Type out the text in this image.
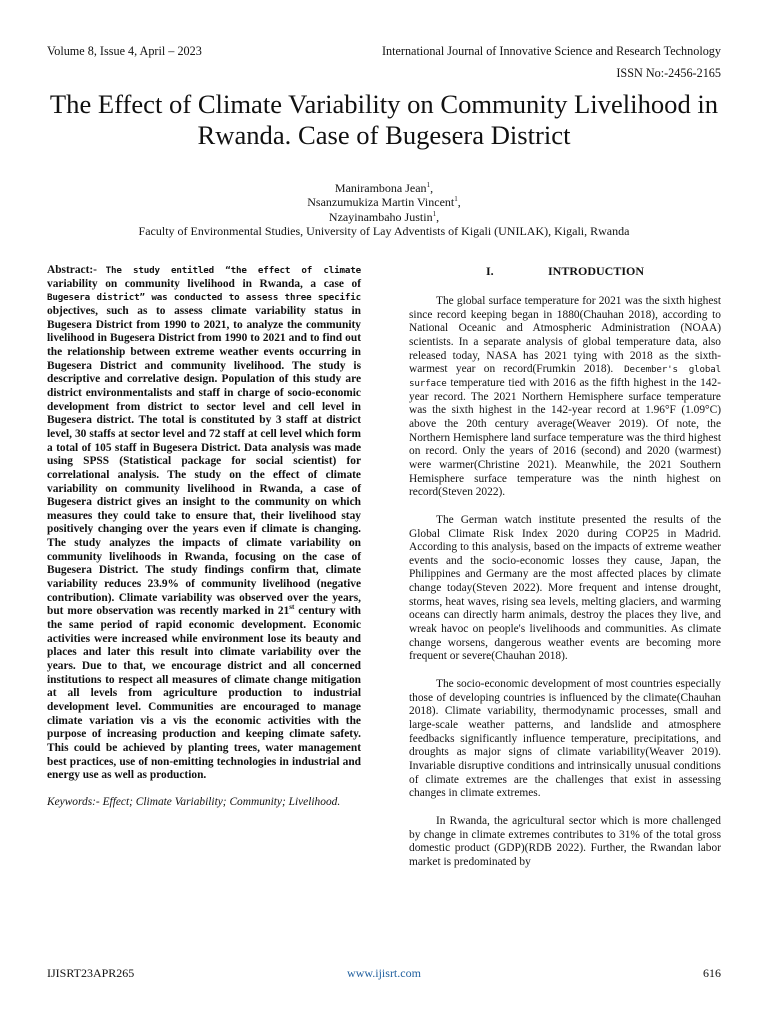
Volume 8, Issue 4, April – 2023	International Journal of Innovative Science and Research Technology
ISSN No:-2456-2165
The Effect of Climate Variability on Community Livelihood in Rwanda. Case of Bugesera District
Manirambona Jean$^1$,
Nsanzumukiza Martin Vincent$^1$,
Nzayinambaho Justin$^1$,
Faculty of Environmental Studies, University of Lay Adventists of Kigali (UNILAK), Kigali, Rwanda

Abstract:- The study entitled “the effect of climate variability on community livelihood in Rwanda, a case of Bugesera district” was conducted to assess three specific objectives, such as to assess climate variability status in Bugesera District from 1990 to 2021, to analyze the community livelihood in Bugesera District from 1990 to 2021 and to find out the relationship between extreme weather events occurring in Bugesera District and community livelihood. The study is descriptive and correlative design. Population of this study are district environmentalists and staff in charge of socio-economic development from district to sector level and cell level in Bugesera district. The total is constituted by 3 staff at district level, 30 staffs at sector level and 72 staff at cell level which form a total of 105 staff in Bugesera District. Data analysis was made using SPSS (Statistical package for social scientist) for correlational analysis. The study on the effect of climate variability on community livelihood in Rwanda, a case of Bugesera district gives an insight to the community on which measures they could take to ensure that, their livelihood stay positively changing over the years even if climate is changing. The study analyzes the impacts of climate variability on community livelihoods in Rwanda, focusing on the case of Bugesera District. The study findings confirm that, climate variability reduces 23.9% of community livelihood (negative contribution). Climate variability was observed over the years, but more observation was recently marked in 21st century with the same period of rapid economic development. Economic activities were increased while environment lose its beauty and places and later this result into climate variability over the years. Due to that, we encourage district and all concerned institutions to respect all measures of climate change mitigation at all levels from agriculture production to industrial development level. Communities are encouraged to manage climate variation vis a vis the economic activities with the purpose of increasing production and keeping climate safety. This could be achieved by planting trees, water management best practices, use of non-emitting technologies in industrial and energy use as well as production.

Keywords:- Effect; Climate Variability; Community; Livelihood.

I.	INTRODUCTION

The global surface temperature for 2021 was the sixth highest since record keeping began in 1880(Chauhan 2018), according to National Oceanic and Atmospheric Administration (NOAA) scientists. In a separate analysis of global temperature data, also released today, NASA has 2021 tying with 2018 as the sixth-warmest year on record(Frumkin 2018). December's global surface temperature tied with 2016 as the fifth highest in the 142-year record. The 2021 Northern Hemisphere surface temperature was the sixth highest in the 142-year record at 1.96°F (1.09°C) above the 20th century average(Weaver 2019). Of note, the Northern Hemisphere land surface temperature was the third highest on record. Only the years of 2016 (second) and 2020 (warmest) were warmer(Christine 2021). Meanwhile, the 2021 Southern Hemisphere surface temperature was the ninth highest on record(Steven 2022).

The German watch institute presented the results of the Global Climate Risk Index 2020 during COP25 in Madrid. According to this analysis, based on the impacts of extreme weather events and the socio-economic losses they cause, Japan, the Philippines and Germany are the most affected places by climate change today(Steven 2022). More frequent and intense drought, storms, heat waves, rising sea levels, melting glaciers, and warming oceans can directly harm animals, destroy the places they live, and wreak havoc on people's livelihoods and communities. As climate change worsens, dangerous weather events are becoming more frequent or severe(Chauhan 2018).

The socio-economic development of most countries especially those of developing countries is influenced by the climate(Chauhan 2018). Climate variability, thermodynamic processes, small and large-scale weather patterns, and landslide and atmosphere feedbacks significantly influence temperature, precipitations, and droughts as major signs of climate variability(Weaver 2019). Invariable disruptive conditions and intrinsically unusual conditions of climate extremes are the challenges that exist in assessing changes in climate extremes.

In Rwanda, the agricultural sector which is more challenged by change in climate extremes contributes to 31% of the total gross domestic product (GDP)(RDB 2022). Further, the Rwandan labor market is predominated by

IJISRT23APR265	www.ijisrt.com	616
